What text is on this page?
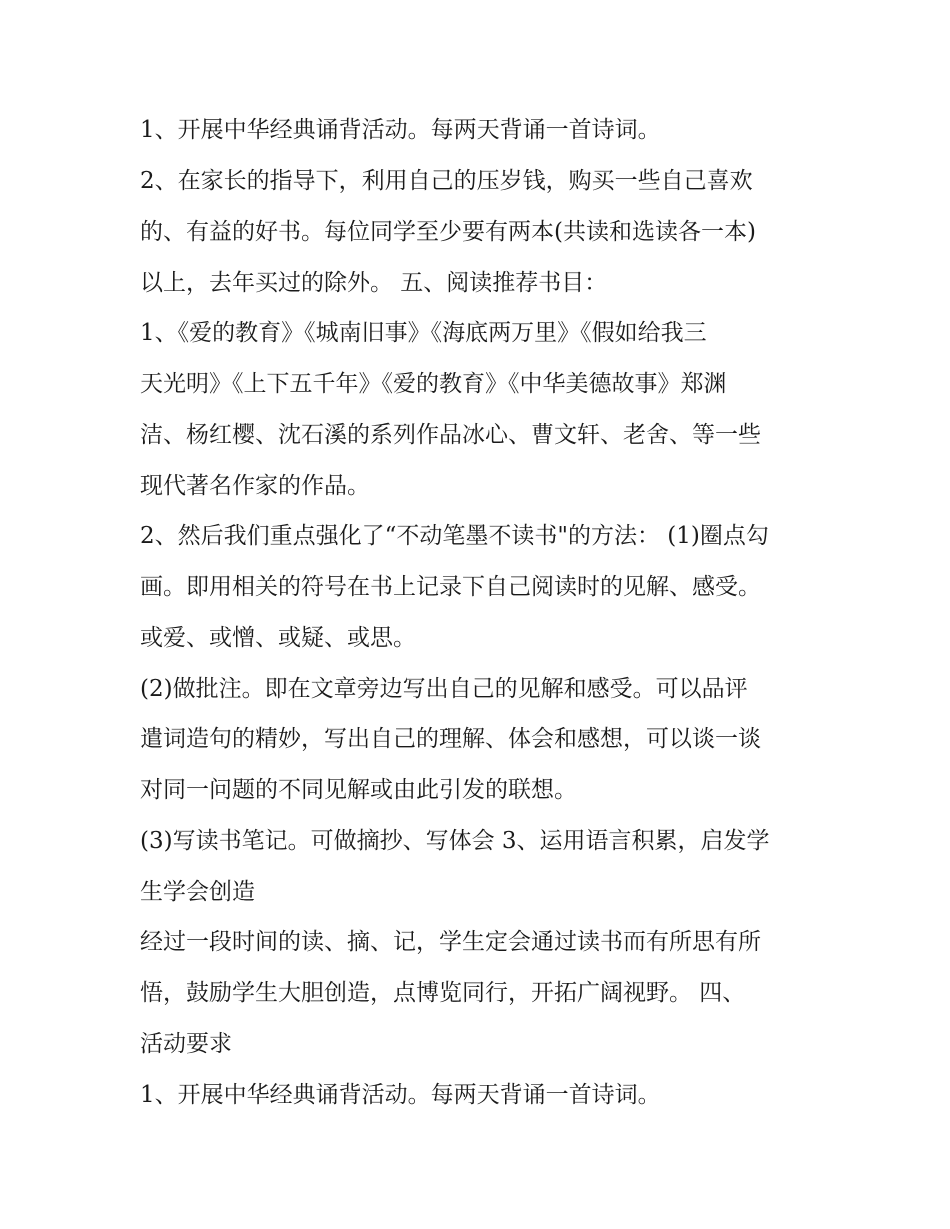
1、开展中华经典诵背活动。每两天背诵一首诗词。
2、在家长的指导下，利用自己的压岁钱，购买一些自己喜欢
的、有益的好书。每位同学至少要有两本(共读和选读各一本)
以上，去年买过的除外。 五、阅读推荐书目：
1、《爱的教育》《城南旧事》《海底两万里》《假如给我三
天光明》《上下五千年》《爱的教育》《中华美德故事》郑渊
洁、杨红樱、沈石溪的系列作品冰心、曹文轩、老舍、等一些
现代著名作家的作品。
2、然后我们重点强化了“不动笔墨不读书"的方法： (1)圈点勾
画。即用相关的符号在书上记录下自己阅读时的见解、感受。
或爱、或憎、或疑、或思。
(2)做批注。即在文章旁边写出自己的见解和感受。可以品评
遣词造句的精妙，写出自己的理解、体会和感想，可以谈一谈
对同一问题的不同见解或由此引发的联想。
(3)写读书笔记。可做摘抄、写体会 3、运用语言积累，启发学
生学会创造
经过一段时间的读、摘、记，学生定会通过读书而有所思有所
悟，鼓励学生大胆创造，点博览同行，开拓广阔视野。 四、
活动要求
1、开展中华经典诵背活动。每两天背诵一首诗词。
